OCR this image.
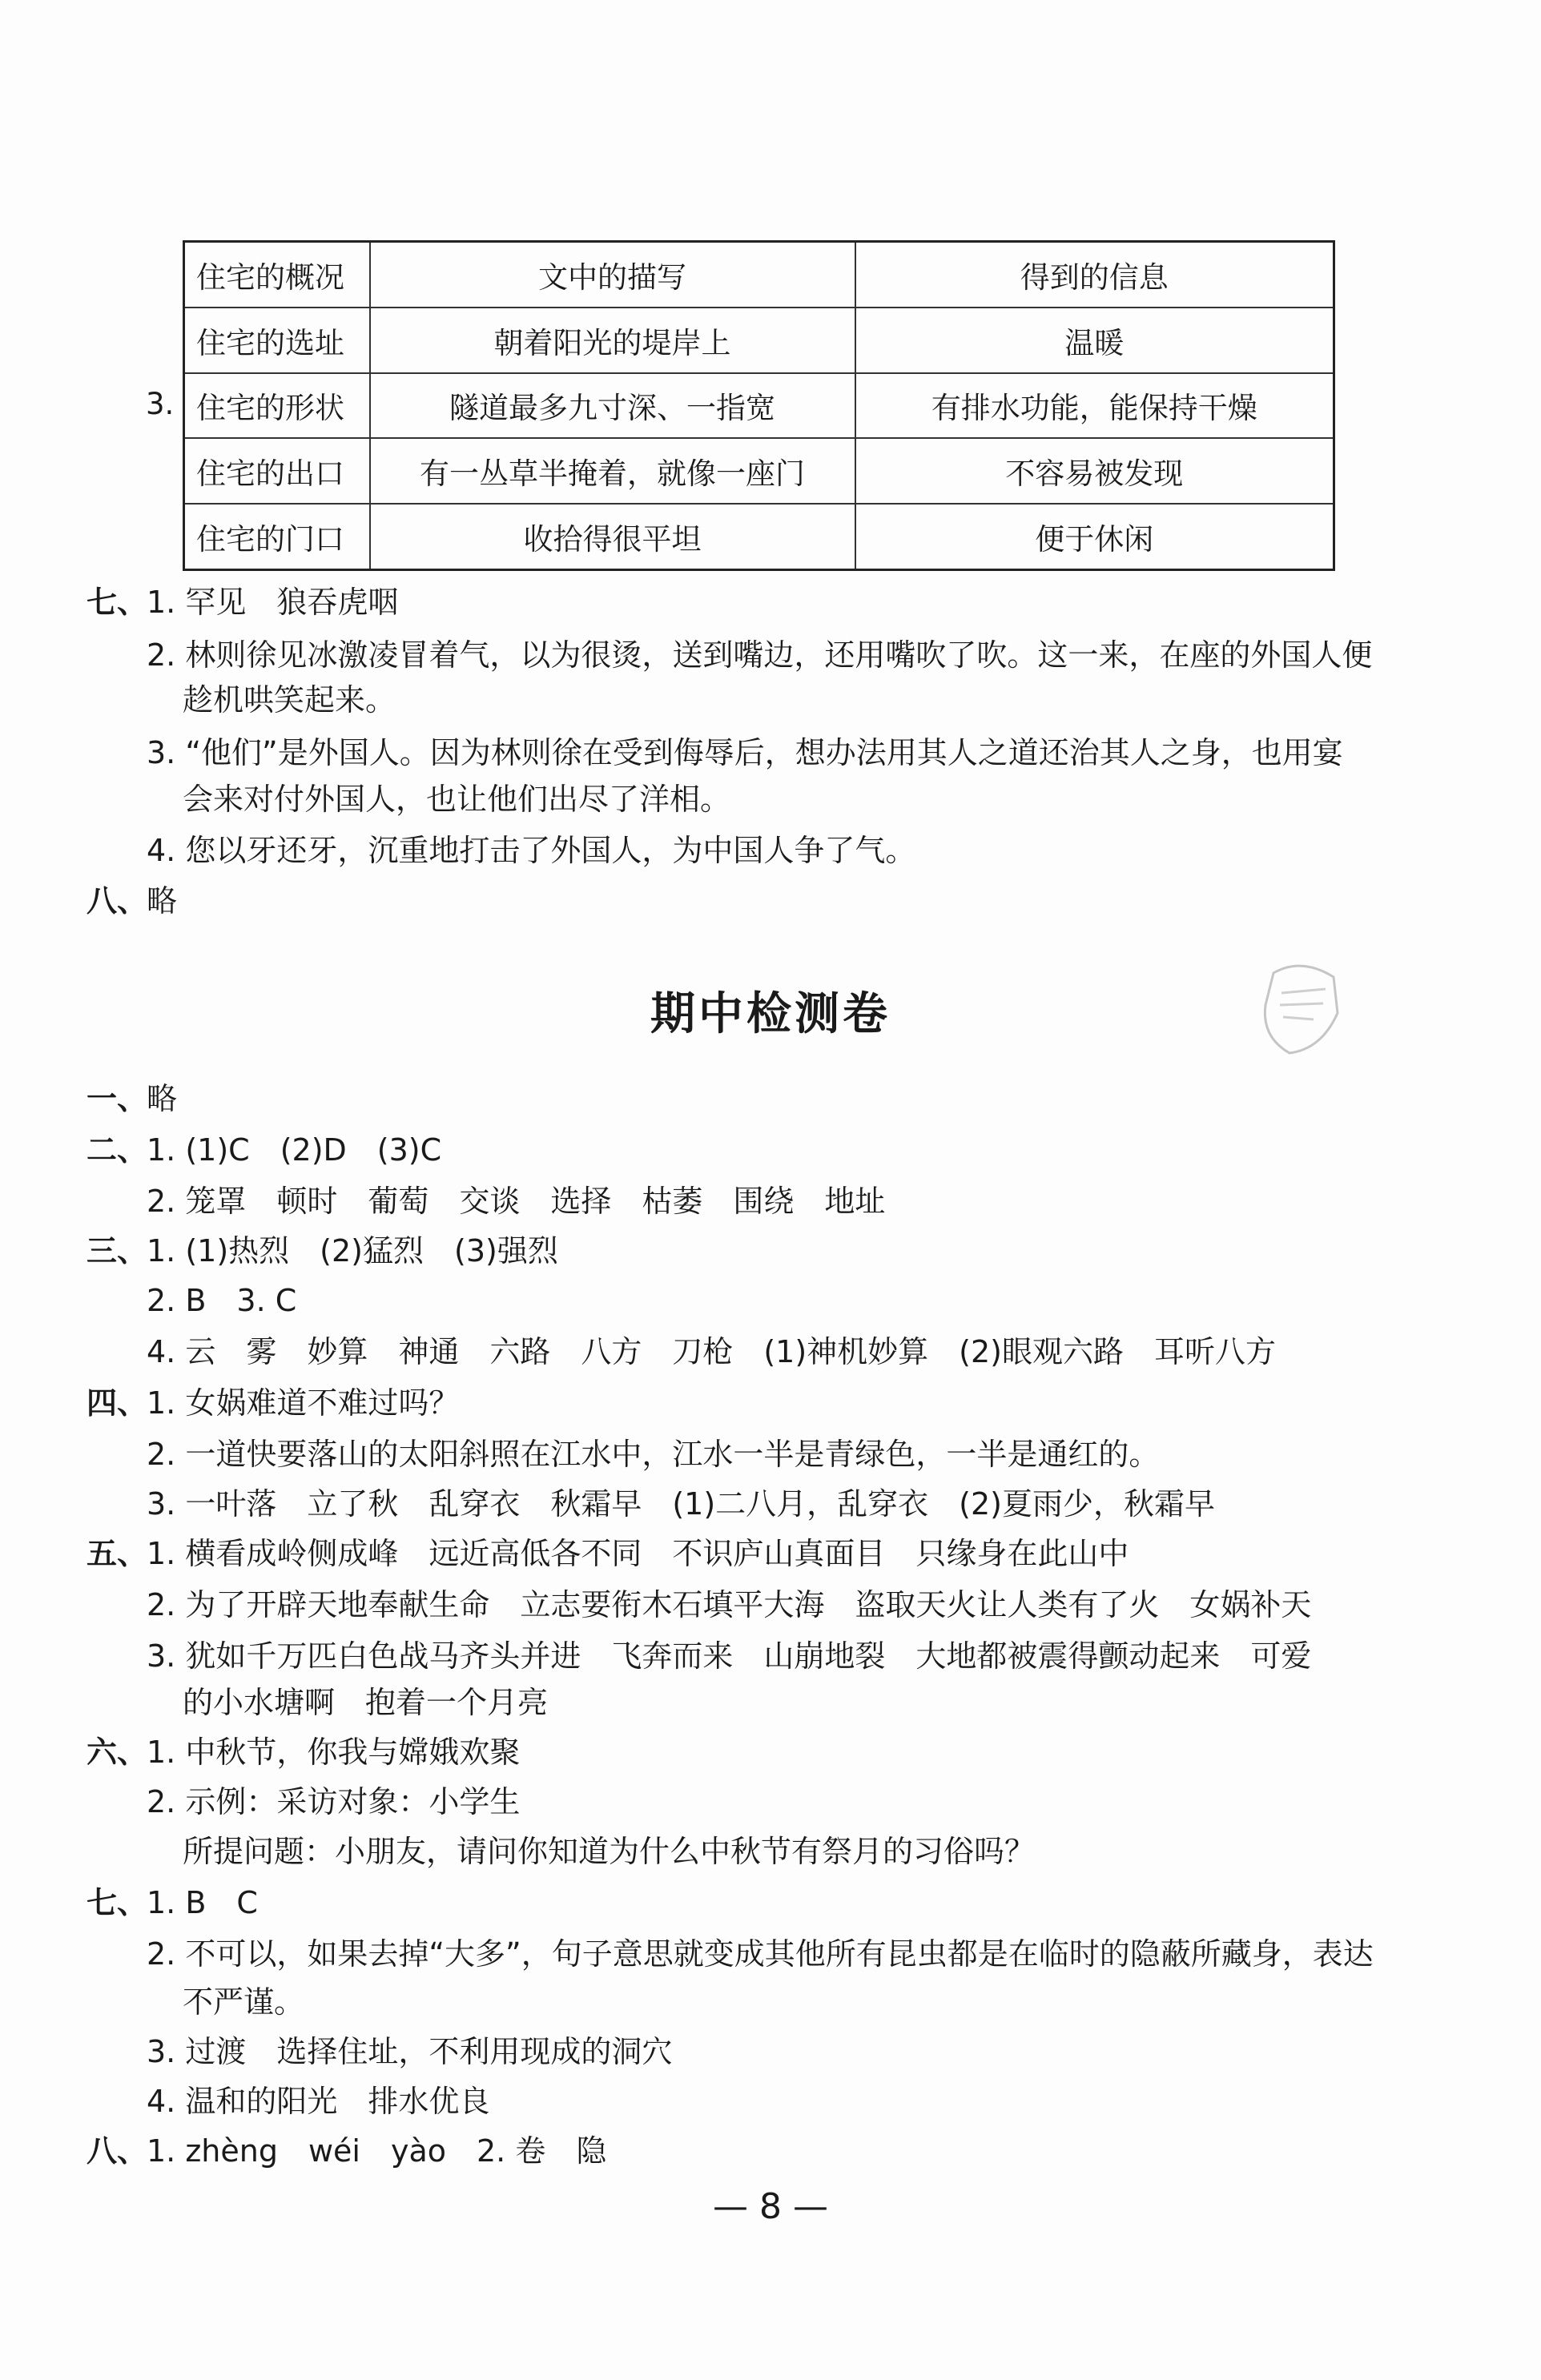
3.
住宅的概况	文中的描写	得到的信息
住宅的选址	朝着阳光的堤岸上	温暖
住宅的形状	隧道最多九寸深、一指宽	有排水功能，能保持干燥
住宅的出口	有一丛草半掩着，就像一座门	不容易被发现
住宅的门口	收拾得很平坦	便于休闲
七、
1. 罕见　狼吞虎咽
2. 林则徐见冰激凌冒着气，以为很烫，送到嘴边，还用嘴吹了吹。这一来，在座的外国人便
趁机哄笑起来。
3. “他们”是外国人。因为林则徐在受到侮辱后，想办法用其人之道还治其人之身，也用宴
会来对付外国人，也让他们出尽了洋相。
4. 您以牙还牙，沉重地打击了外国人，为中国人争了气。
八、
略
期中检测卷
一、
略
二、
1. (1)C　(2)D　(3)C
2. 笼罩　顿时　葡萄　交谈　选择　枯萎　围绕　地址
三、
1. (1)热烈　(2)猛烈　(3)强烈
2. B　3. C
4. 云　雾　妙算　神通　六路　八方　刀枪　(1)神机妙算　(2)眼观六路　耳听八方
四、
1. 女娲难道不难过吗？
2. 一道快要落山的太阳斜照在江水中，江水一半是青绿色，一半是通红的。
3. 一叶落　立了秋　乱穿衣　秋霜早　(1)二八月，乱穿衣　(2)夏雨少，秋霜早
五、
1. 横看成岭侧成峰　远近高低各不同　不识庐山真面目　只缘身在此山中
2. 为了开辟天地奉献生命　立志要衔木石填平大海　盗取天火让人类有了火　女娲补天
3. 犹如千万匹白色战马齐头并进　飞奔而来　山崩地裂　大地都被震得颤动起来　可爱
的小水塘啊　抱着一个月亮
六、
1. 中秋节，你我与嫦娥欢聚
2. 示例：采访对象：小学生
所提问题：小朋友，请问你知道为什么中秋节有祭月的习俗吗？
七、
1. B　C
2. 不可以，如果去掉“大多”，句子意思就变成其他所有昆虫都是在临时的隐蔽所藏身，表达
不严谨。
3. 过渡　选择住址，不利用现成的洞穴
4. 温和的阳光　排水优良
八、
1. zhèng　wéi　yào　2. 卷　隐
— 8 —
